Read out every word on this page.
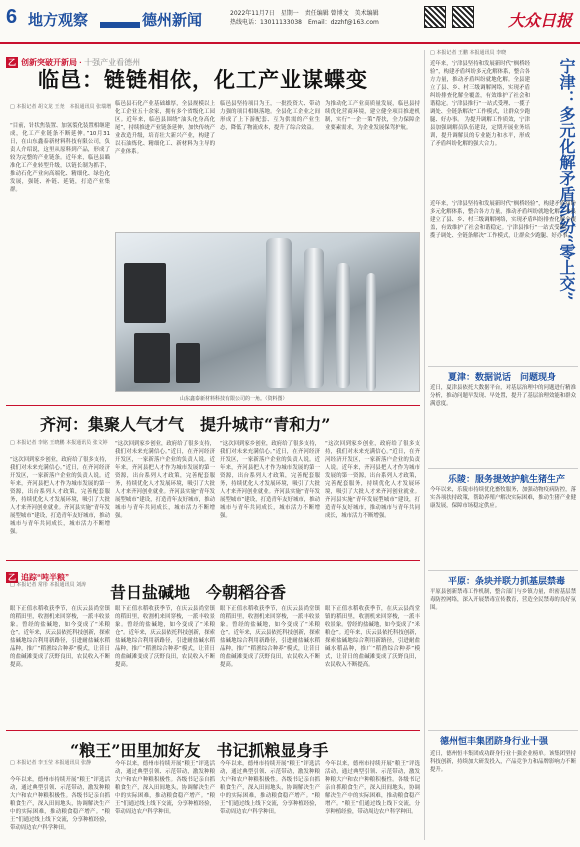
6 地方观察	德州新闻	2022年11月7日　星期一　责任编辑 曾博文　美术编辑
热线电话：13011133038　Email：dzzhf@163.com	大众日报
乙 创新突破开新局 · 十强产业看德州
临邑：链链相依，化工产业谋蝶变
□ 本报记者 胡文龙 王尧　本报通讯员 张瑞增
“目前，针状焦装置、加氢裂化装置相继建成，化工产业链条不断延伸。”10月31日，在山东鑫泰新材料科技有限公司，负责人介绍说，这里从原料到产品，形成了较为完整的产业链条。近年来，临邑县瞄准化工产业转型升级，以链长制为抓手，推动石化产业向高端化、精细化、绿色化发展，强链、补链、延链，打造产业集群。
临邑县石化产业基础雄厚，全县规模以上化工企业五十余家，拥有多个省级化工园区。近年来，临邑县围绕“油头化身高化尾”，持续推进产业链条延伸，加快传统产业改造升级，培育壮大新兴产业，构建了以石油炼化、精细化工、新材料为主导的产业体系。
临邑县坚持项目为王，一批投资大、带动力强的项目相继落地。全县化工企业之间形成了上下游配套、互为供需的产业生态，降低了物流成本，提升了综合效益。
为推动化工产业高质量发展，临邑县持续优化营商环境，建立健全项目推进机制，实行“一企一策”帮扶，全力保障企业要素需求，为企业发展保驾护航。
山东鑫泰新材料科技有限公司的一角。（资料图）
齐河：集聚人气才气　提升城市“青和力”
□ 本报记者 李铭 王晓鹏 本报通讯员 张文婷
“这次回到家乡创业，政府给了很多支持，我们对未来充满信心。”近日，在齐河经济开发区，一家新落户企业的负责人说。近年来，齐河县把人才作为城市发展的第一资源，出台系列人才政策，完善配套服务，持续优化人才发展环境，吸引了大批人才来齐河创业就业。齐河县实施“青年发展型城市”建设，打造青年友好城市，推动城市与青年共同成长，城市活力不断增强。
“这次回到家乡创业，政府给了很多支持，我们对未来充满信心。”近日，在齐河经济开发区，一家新落户企业的负责人说。近年来，齐河县把人才作为城市发展的第一资源，出台系列人才政策，完善配套服务，持续优化人才发展环境，吸引了大批人才来齐河创业就业。齐河县实施“青年发展型城市”建设，打造青年友好城市，推动城市与青年共同成长，城市活力不断增强。
“这次回到家乡创业，政府给了很多支持，我们对未来充满信心。”近日，在齐河经济开发区，一家新落户企业的负责人说。近年来，齐河县把人才作为城市发展的第一资源，出台系列人才政策，完善配套服务，持续优化人才发展环境，吸引了大批人才来齐河创业就业。齐河县实施“青年发展型城市”建设，打造青年友好城市，推动城市与青年共同成长，城市活力不断增强。
“这次回到家乡创业，政府给了很多支持，我们对未来充满信心。”近日，在齐河经济开发区，一家新落户企业的负责人说。近年来，齐河县把人才作为城市发展的第一资源，出台系列人才政策，完善配套服务，持续优化人才发展环境，吸引了大批人才来齐河创业就业。齐河县实施“青年发展型城市”建设，打造青年友好城市，推动城市与青年共同成长，城市活力不断增强。
乙 追踪“吨半粮”
昔日盐碱地　今朝稻谷香
□ 本报记者 常彤 本报通讯员 刘涛
眼下正值水稻收获季节，在庆云县尚堂镇的稻田里，收割机来回穿梭，一派丰收景象。曾经的盐碱地，如今变成了“米粮仓”。近年来，庆云县依托科技创新，探索盐碱地综合利用新路径，引进耐盐碱水稻品种，推广“稻渔综合种养”模式，让昔日的盐碱滩变成了沃野良田，农民收入不断提高。
眼下正值水稻收获季节，在庆云县尚堂镇的稻田里，收割机来回穿梭，一派丰收景象。曾经的盐碱地，如今变成了“米粮仓”。近年来，庆云县依托科技创新，探索盐碱地综合利用新路径，引进耐盐碱水稻品种，推广“稻渔综合种养”模式，让昔日的盐碱滩变成了沃野良田，农民收入不断提高。
眼下正值水稻收获季节，在庆云县尚堂镇的稻田里，收割机来回穿梭，一派丰收景象。曾经的盐碱地，如今变成了“米粮仓”。近年来，庆云县依托科技创新，探索盐碱地综合利用新路径，引进耐盐碱水稻品种，推广“稻渔综合种养”模式，让昔日的盐碱滩变成了沃野良田，农民收入不断提高。
眼下正值水稻收获季节，在庆云县尚堂镇的稻田里，收割机来回穿梭，一派丰收景象。曾经的盐碱地，如今变成了“米粮仓”。近年来，庆云县依托科技创新，探索盐碱地综合利用新路径，引进耐盐碱水稻品种，推广“稻渔综合种养”模式，让昔日的盐碱滩变成了沃野良田，农民收入不断提高。
“粮王”田里加好友　书记抓粮显身手
□ 本报记者 李玉莹 本报通讯员 张静
今年以来，德州市持续开展“粮王”评选活动，通过典型引领、示范带动，激发种粮大户和农户种粮积极性。各级书记亲自抓粮食生产，深入田间地头，协调解决生产中的实际困难，推动粮食稳产增产。“粮王”们通过线上线下交流，分享种植经验，带动周边农户科学种田。
今年以来，德州市持续开展“粮王”评选活动，通过典型引领、示范带动，激发种粮大户和农户种粮积极性。各级书记亲自抓粮食生产，深入田间地头，协调解决生产中的实际困难，推动粮食稳产增产。“粮王”们通过线上线下交流，分享种植经验，带动周边农户科学种田。
今年以来，德州市持续开展“粮王”评选活动，通过典型引领、示范带动，激发种粮大户和农户种粮积极性。各级书记亲自抓粮食生产，深入田间地头，协调解决生产中的实际困难，推动粮食稳产增产。“粮王”们通过线上线下交流，分享种植经验，带动周边农户科学种田。
今年以来，德州市持续开展“粮王”评选活动，通过典型引领、示范带动，激发种粮大户和农户种粮积极性。各级书记亲自抓粮食生产，深入田间地头，协调解决生产中的实际困难，推动粮食稳产增产。“粮王”们通过线上线下交流，分享种植经验，带动周边农户科学种田。
□ 本报记者 王鹏 本报通讯员 李晓
近年来，宁津县坚持和发展新时代“枫桥经验”，构建矛盾纠纷多元化解体系，整合各方力量，推动矛盾纠纷就地化解。全县建立了县、乡、村三级调解网络，实现矛盾纠纷排查化解全覆盖，有效维护了社会和谐稳定。宁津县推行“一站式受理、一揽子调处、全链条解决”工作模式，让群众少跑腿、好办事。 为提升调解工作质效，宁津县加强调解员队伍建设，定期开展业务培训，提升调解员的专业能力和水平，形成了矛盾纠纷化解的强大合力。	宁津：多元化解矛盾纠纷“零上交”
近年来，宁津县坚持和发展新时代“枫桥经验”，构建矛盾纠纷多元化解体系，整合各方力量，推动矛盾纠纷就地化解。全县建立了县、乡、村三级调解网络，实现矛盾纠纷排查化解全覆盖，有效维护了社会和谐稳定。宁津县推行“一站式受理、一揽子调处、全链条解决”工作模式，让群众少跑腿、好办事。
夏津：数据说话　问题现身
近日，夏津县依托大数据平台，对基层治理中的问题进行精准分析，推动问题早发现、早处置，提升了基层治理效能和群众满意度。
乐陵：服务提效护航生猪生产
今年以来，乐陵市持续优化畜牧服务，加强动物疫病防控，落实各项扶持政策，帮助养殖户解决实际困难，推动生猪产业健康发展，保障市场稳定供应。
平原：条块并联力抓基层禁毒
平原县创新禁毒工作机制，整合部门与乡镇力量，织密基层禁毒防控网络，深入开展禁毒宣传教育，营造全民禁毒的良好氛围。
德州恒丰集团跻身行业十强
近日，德州恒丰集团成功跻身行业十强企业榜单。该集团坚持科技创新，持续加大研发投入，产品竞争力和品牌影响力不断提升。
